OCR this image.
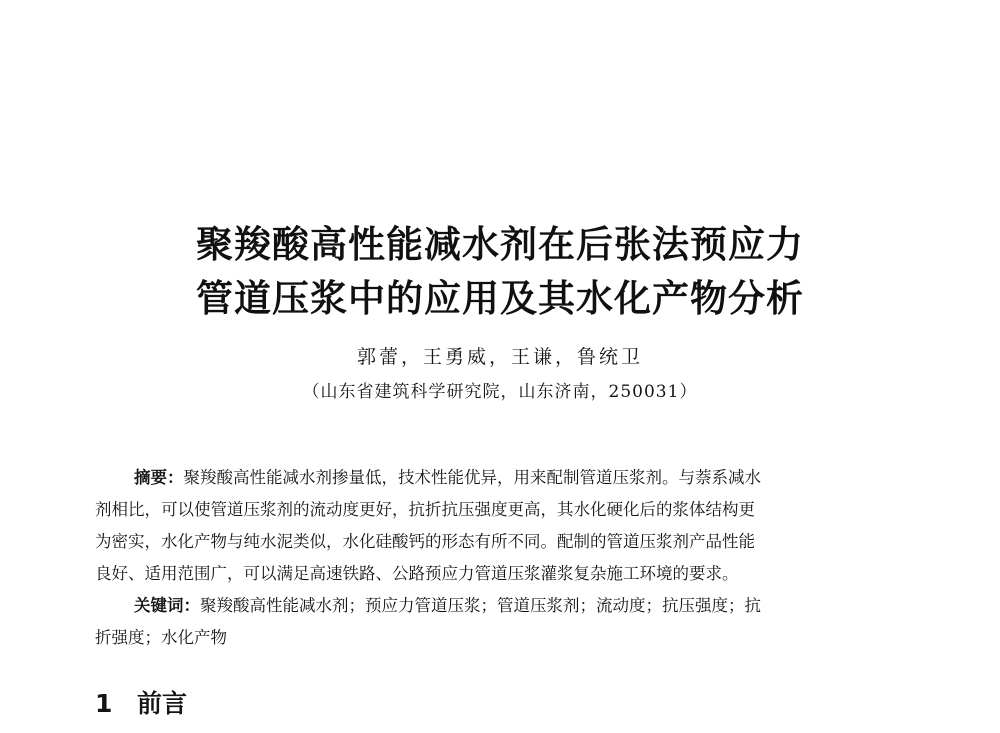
聚羧酸高性能减水剂在后张法预应力
管道压浆中的应用及其水化产物分析
郭蕾，王勇威，王谦，鲁统卫
（山东省建筑科学研究院，山东济南，250031）
摘要：聚羧酸高性能减水剂掺量低，技术性能优异，用来配制管道压浆剂。与萘系减水
剂相比，可以使管道压浆剂的流动度更好，抗折抗压强度更高，其水化硬化后的浆体结构更
为密实，水化产物与纯水泥类似，水化硅酸钙的形态有所不同。配制的管道压浆剂产品性能
良好、适用范围广，可以满足高速铁路、公路预应力管道压浆灌浆复杂施工环境的要求。
关键词：聚羧酸高性能减水剂；预应力管道压浆；管道压浆剂；流动度；抗压强度；抗
折强度；水化产物
1 前言
